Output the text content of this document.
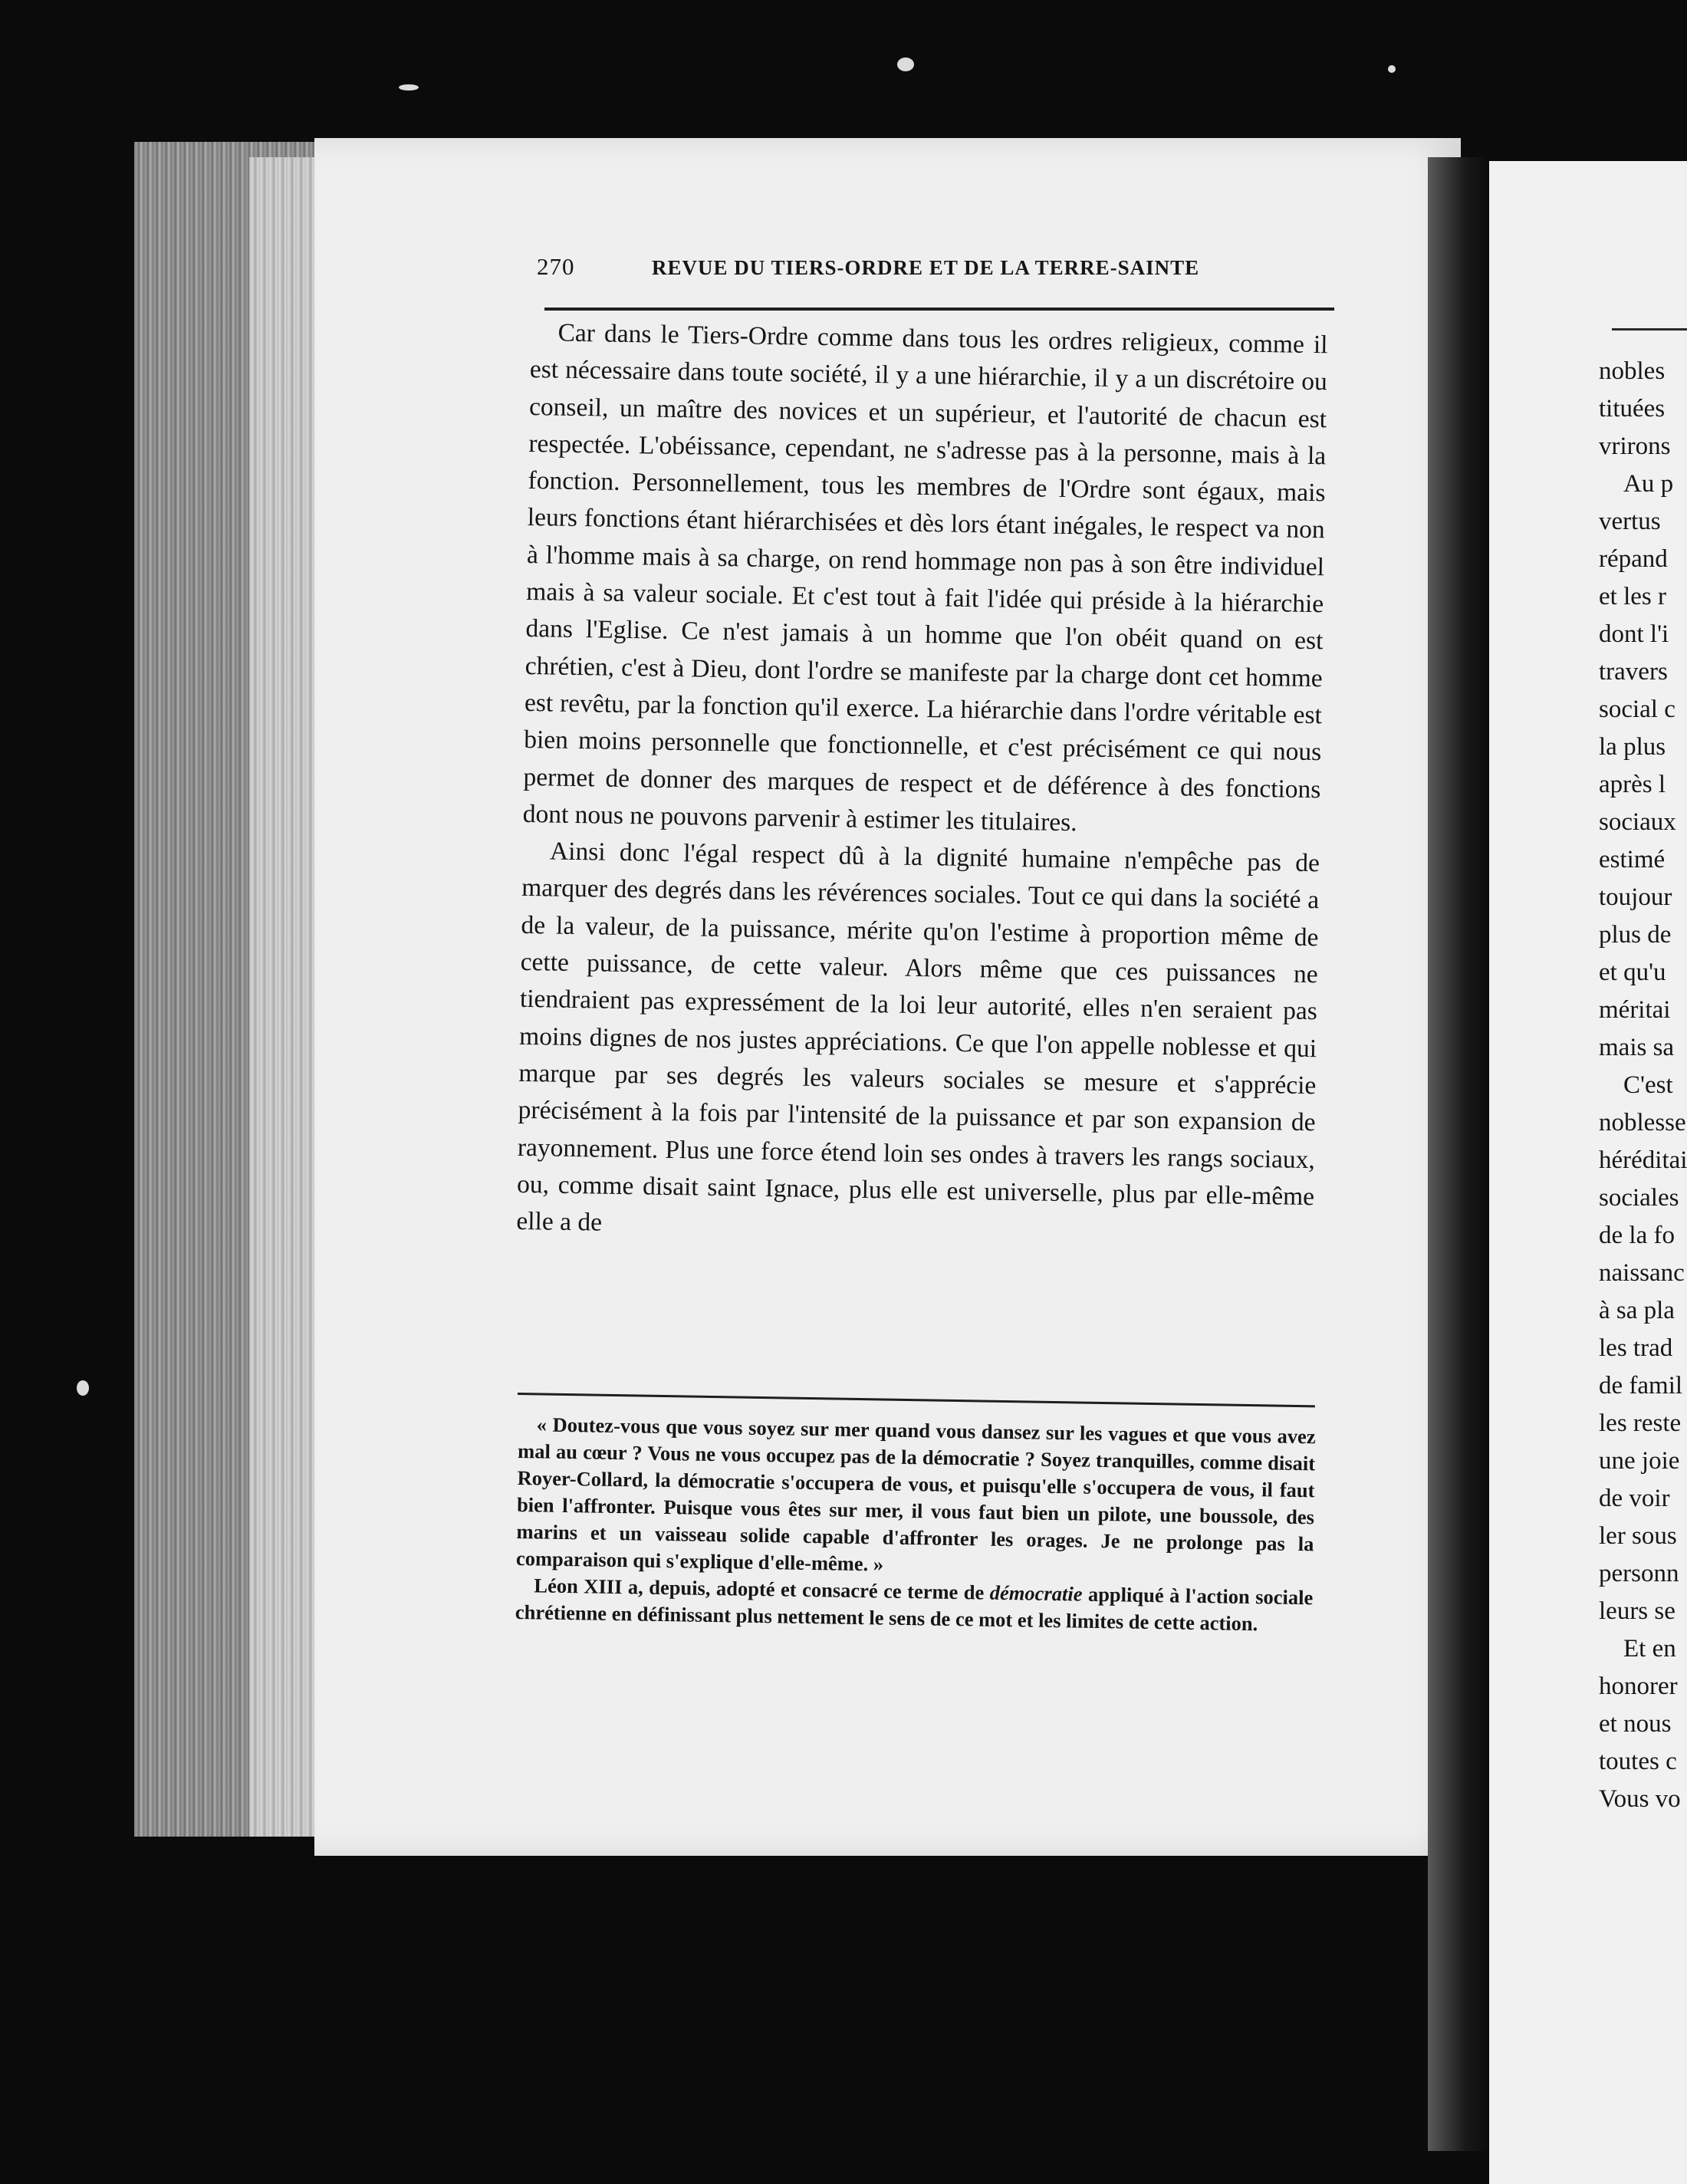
nobles
tituées
vrirons
Au p
vertus
répand
et les r
dont l'i
travers
social c
la plus
après l
sociaux
estimé
toujour
plus de
et qu'u
méritai
mais sa
C'est
noblesse
héréditai
sociales
de la fo
naissanc
à sa pla
les trad
de famil
les reste
une joie
de voir
ler sous
personn
leurs se
Et en
honorer
et nous
toutes c
Vous vo
270	REVUE DU TIERS-ORDRE ET DE LA TERRE-SAINTE

Car dans le Tiers-Ordre comme dans tous les ordres religieux, comme il est nécessaire dans toute société, il y a une hiérarchie, il y a un discrétoire ou conseil, un maître des novices et un supérieur, et l'autorité de chacun est respectée. L'obéissance, cependant, ne s'adresse pas à la personne, mais à la fonction. Personnellement, tous les membres de l'Ordre sont égaux, mais leurs fonctions étant hiérarchisées et dès lors étant inégales, le respect va non à l'homme mais à sa charge, on rend hommage non pas à son être individuel mais à sa valeur sociale. Et c'est tout à fait l'idée qui préside à la hiérarchie dans l'Eglise. Ce n'est jamais à un homme que l'on obéit quand on est chrétien, c'est à Dieu, dont l'ordre se manifeste par la charge dont cet homme est revêtu, par la fonction qu'il exerce. La hiérarchie dans l'ordre véritable est bien moins personnelle que fonctionnelle, et c'est précisément ce qui nous permet de donner des marques de respect et de déférence à des fonctions dont nous ne pouvons parvenir à estimer les titulaires.

Ainsi donc l'égal respect dû à la dignité humaine n'empêche pas de marquer des degrés dans les révérences sociales. Tout ce qui dans la société a de la valeur, de la puissance, mérite qu'on l'estime à proportion même de cette puissance, de cette valeur. Alors même que ces puissances ne tiendraient pas expressément de la loi leur autorité, elles n'en seraient pas moins dignes de nos justes appréciations. Ce que l'on appelle noblesse et qui marque par ses degrés les valeurs sociales se mesure et s'apprécie précisément à la fois par l'intensité de la puissance et par son expansion de rayonnement. Plus une force étend loin ses ondes à travers les rangs sociaux, ou, comme disait saint Ignace, plus elle est universelle, plus par elle-même elle a de

« Doutez-vous que vous soyez sur mer quand vous dansez sur les vagues et que vous avez mal au cœur ? Vous ne vous occupez pas de la démocratie ? Soyez tranquilles, comme disait Royer-Collard, la démocratie s'occupera de vous, et puisqu'elle s'occupera de vous, il faut bien l'affronter. Puisque vous êtes sur mer, il vous faut bien un pilote, une boussole, des marins et un vaisseau solide capable d'affronter les orages. Je ne prolonge pas la comparaison qui s'explique d'elle-même. »

Léon XIII a, depuis, adopté et consacré ce terme de démocratie appliqué à l'action sociale chrétienne en définissant plus nettement le sens de ce mot et les limites de cette action.
